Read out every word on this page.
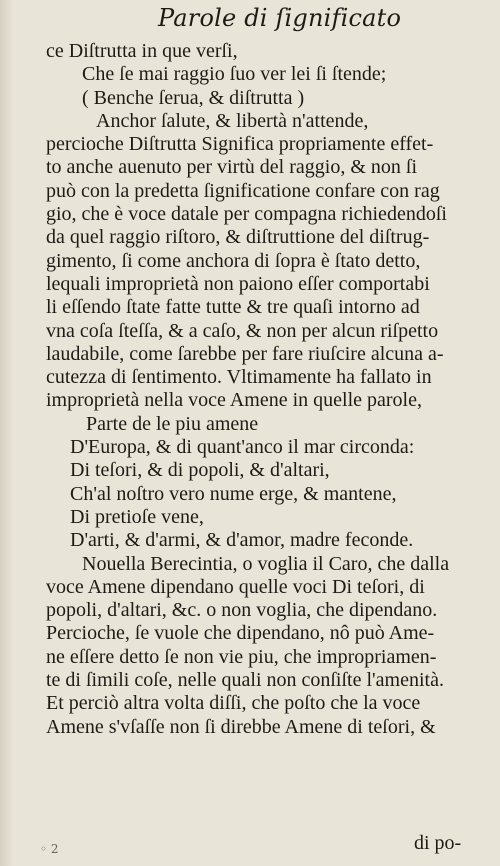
Parole di ſignificato
ce Diſtrutta in que verſi,
Che ſe mai raggio ſuo ver lei ſi ſtende;
( Benche ſerua, & diſtrutta )
Anchor ſalute, & libertà n'attende,
percioche Diſtrutta Significa propriamente effet-
to anche auenuto per virtù del raggio, & non ſi
può con la predetta ſignificatione confare con rag
gio, che è voce datale per compagna richiedendoſi
da quel raggio riſtoro, & diſtruttione del diſtrug-
gimento, ſi come anchora di ſopra è ſtato detto,
lequali improprietà non paiono eſſer comportabi
li eſſendo ſtate fatte tutte & tre quaſi intorno ad
vna coſa ſteſſa, & a caſo, & non per alcun riſpetto
laudabile, come ſarebbe per fare riuſcire alcuna a-
cutezza di ſentimento. Vltimamente ha fallato in
improprietà nella voce Amene in quelle parole,
Parte de le piu amene
D'Europa, & di quant'anco il mar circonda:
Di teſori, & di popoli, & d'altari,
Ch'al noſtro vero nume erge, & mantene,
Di pretioſe vene,
D'arti, & d'armi, & d'amor, madre feconde.
Nouella Berecintia, o voglia il Caro, che dalla
voce Amene dipendano quelle voci Di teſori, di
popoli, d'altari, &c. o non voglia, che dipendano.
Percioche, ſe vuole che dipendano, nô può Ame-
ne eſſere detto ſe non vie piu, che impropriamen-
te di ſimili coſe, nelle quali non conſiſte l'amenità.
Et perciò altra volta diſſi, che poſto che la voce
Amene s'vſaſſe non ſi direbbe Amene di teſori, &
di po-
◦ 2
